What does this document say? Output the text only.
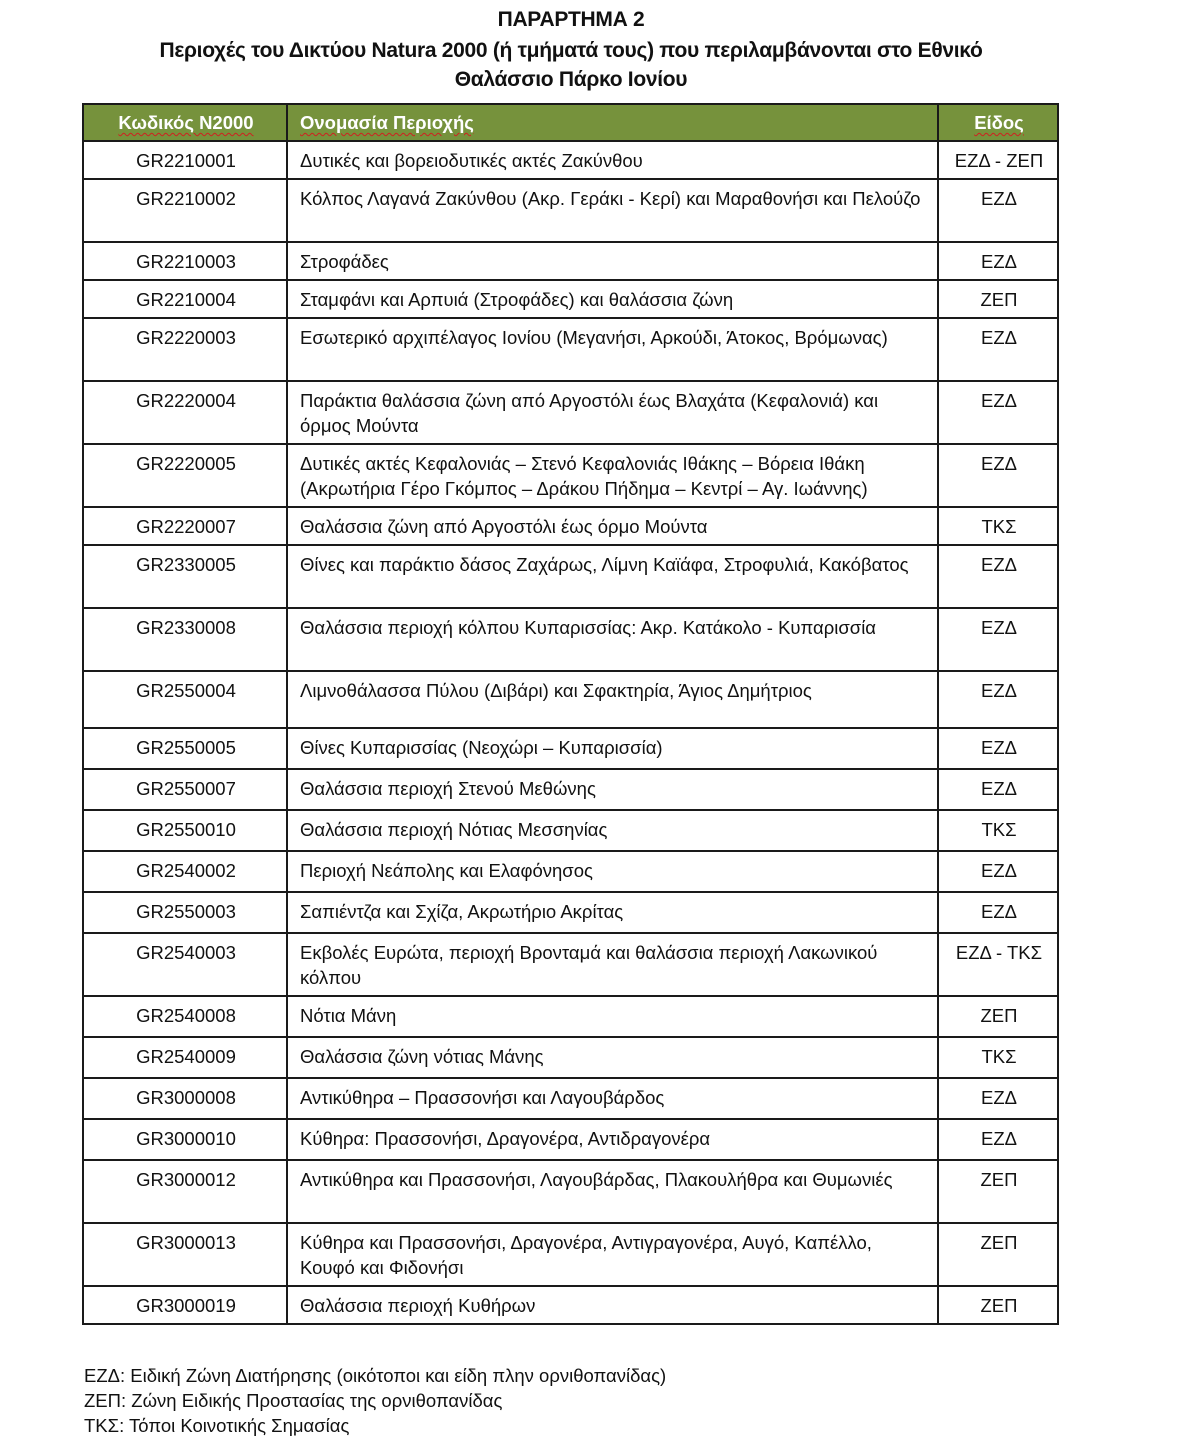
ΠΑΡΑΡΤΗΜΑ 2
Περιοχές του Δικτύου Natura 2000 (ή τμήματά τους) που περιλαμβάνονται στο Εθνικό
Θαλάσσιο Πάρκο Ιονίου
Κωδικός Ν2000	Ονομασία Περιοχής	Είδος
GR2210001	Δυτικές και βορειοδυτικές ακτές Ζακύνθου	ΕΖΔ - ΖΕΠ
GR2210002	Κόλπος Λαγανά Ζακύνθου (Ακρ. Γεράκι - Κερί) και Μαραθονήσι και Πελούζο	ΕΖΔ
GR2210003	Στροφάδες	ΕΖΔ
GR2210004	Σταμφάνι και Αρπυιά (Στροφάδες) και θαλάσσια ζώνη	ΖΕΠ
GR2220003	Εσωτερικό αρχιπέλαγος Ιονίου (Μεγανήσι, Αρκούδι, Άτοκος, Βρόμωνας)	ΕΖΔ
GR2220004	Παράκτια θαλάσσια ζώνη από Αργοστόλι έως Βλαχάτα (Κεφαλονιά) και όρμος Μούντα	ΕΖΔ
GR2220005	Δυτικές ακτές Κεφαλονιάς – Στενό Κεφαλονιάς Ιθάκης – Βόρεια Ιθάκη (Ακρωτήρια Γέρο Γκόμπος – Δράκου Πήδημα – Κεντρί – Αγ. Ιωάννης)	ΕΖΔ
GR2220007	Θαλάσσια ζώνη από Αργοστόλι έως όρμο Μούντα	ΤΚΣ
GR2330005	Θίνες και παράκτιο δάσος Ζαχάρως, Λίμνη Καϊάφα, Στροφυλιά, Κακόβατος	ΕΖΔ
GR2330008	Θαλάσσια περιοχή κόλπου Κυπαρισσίας: Ακρ. Κατάκολο - Κυπαρισσία	ΕΖΔ
GR2550004	Λιμνοθάλασσα Πύλου (Διβάρι) και Σφακτηρία, Άγιος Δημήτριος	ΕΖΔ
GR2550005	Θίνες Κυπαρισσίας (Νεοχώρι – Κυπαρισσία)	ΕΖΔ
GR2550007	Θαλάσσια περιοχή Στενού Μεθώνης	ΕΖΔ
GR2550010	Θαλάσσια περιοχή Νότιας Μεσσηνίας	ΤΚΣ
GR2540002	Περιοχή Νεάπολης και Ελαφόνησος	ΕΖΔ
GR2550003	Σαπιέντζα και Σχίζα, Ακρωτήριο Ακρίτας	ΕΖΔ
GR2540003	Εκβολές Ευρώτα, περιοχή Βρονταμά και θαλάσσια περιοχή Λακωνικού κόλπου	ΕΖΔ - ΤΚΣ
GR2540008	Νότια Μάνη	ΖΕΠ
GR2540009	Θαλάσσια ζώνη νότιας Μάνης	ΤΚΣ
GR3000008	Αντικύθηρα – Πρασσονήσι και Λαγουβάρδος	ΕΖΔ
GR3000010	Κύθηρα: Πρασσονήσι, Δραγονέρα, Αντιδραγονέρα	ΕΖΔ
GR3000012	Αντικύθηρα και Πρασσονήσι, Λαγουβάρδας, Πλακουλήθρα και Θυμωνιές	ΖΕΠ
GR3000013	Κύθηρα και Πρασσονήσι, Δραγονέρα, Αντιγραγονέρα, Αυγό, Καπέλλο, Κουφό και Φιδονήσι	ΖΕΠ
GR3000019	Θαλάσσια περιοχή Κυθήρων	ΖΕΠ
ΕΖΔ: Ειδική Ζώνη Διατήρησης (οικότοποι και είδη πλην ορνιθοπανίδας)
ΖΕΠ: Ζώνη Ειδικής Προστασίας της ορνιθοπανίδας
ΤΚΣ: Τόποι Κοινοτικής Σημασίας
